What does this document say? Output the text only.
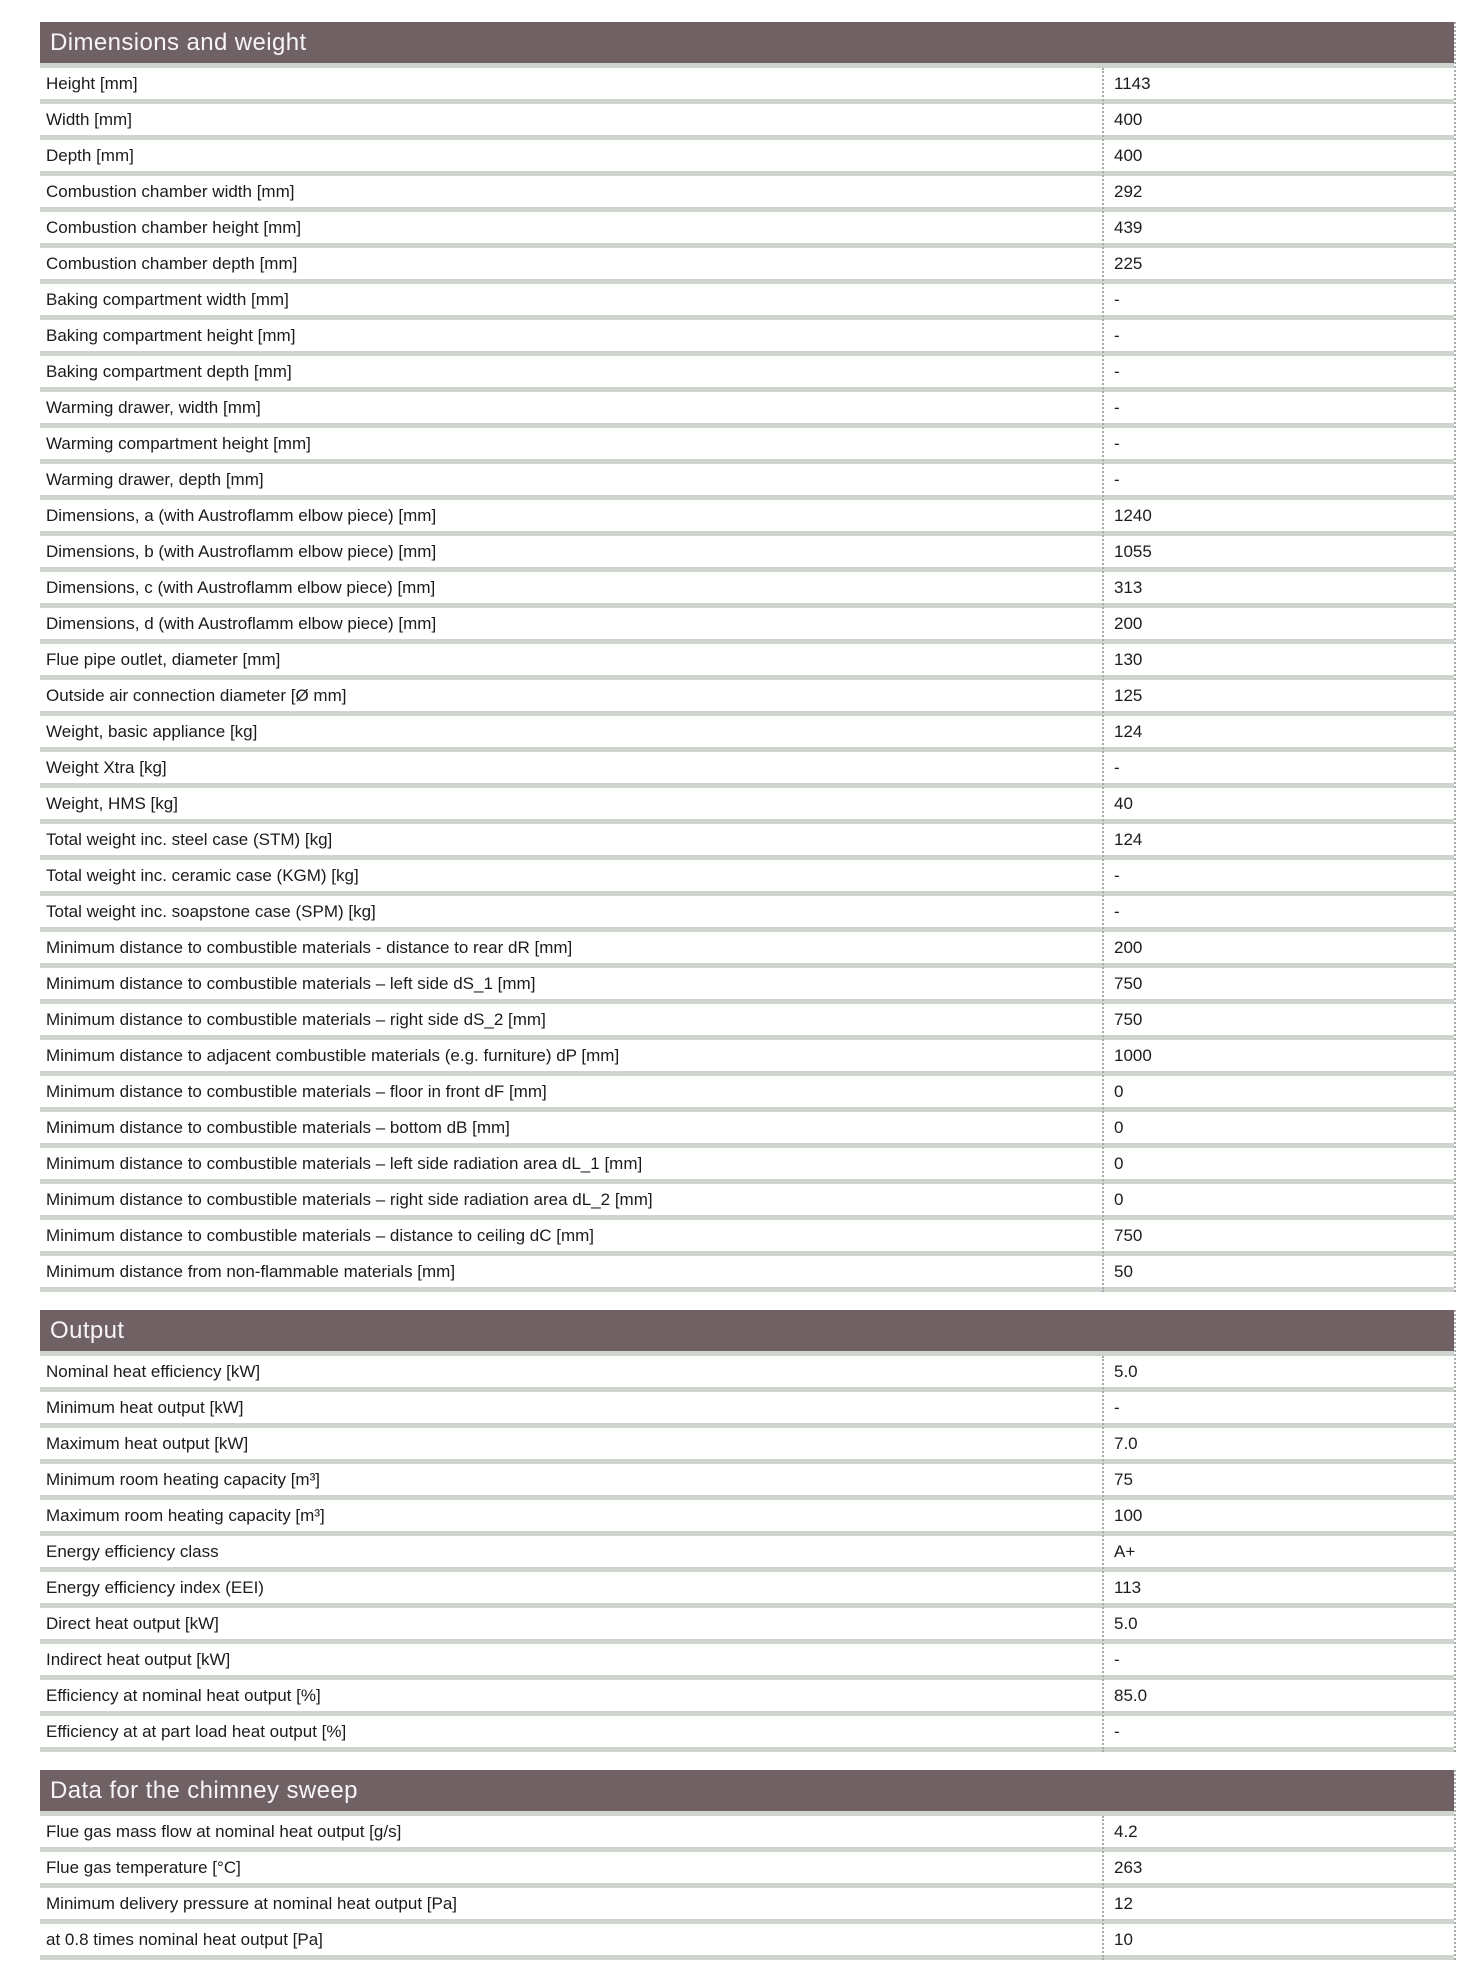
Dimensions and weight
Height [mm]	1143
Width [mm]	400
Depth [mm]	400
Combustion chamber width [mm]	292
Combustion chamber height [mm]	439
Combustion chamber depth [mm]	225
Baking compartment width [mm]	-
Baking compartment height [mm]	-
Baking compartment depth [mm]	-
Warming drawer, width [mm]	-
Warming compartment height [mm]	-
Warming drawer, depth [mm]	-
Dimensions, a (with Austroflamm elbow piece) [mm]	1240
Dimensions, b (with Austroflamm elbow piece) [mm]	1055
Dimensions, c (with Austroflamm elbow piece) [mm]	313
Dimensions, d (with Austroflamm elbow piece) [mm]	200
Flue pipe outlet, diameter [mm]	130
Outside air connection diameter [Ø mm]	125
Weight, basic appliance [kg]	124
Weight Xtra [kg]	-
Weight, HMS [kg]	40
Total weight inc. steel case (STM) [kg]	124
Total weight inc. ceramic case (KGM) [kg]	-
Total weight inc. soapstone case (SPM) [kg]	-
Minimum distance to combustible materials - distance to rear dR [mm]	200
Minimum distance to combustible materials – left side dS_1 [mm]	750
Minimum distance to combustible materials – right side dS_2 [mm]	750
Minimum distance to adjacent combustible materials (e.g. furniture) dP [mm]	1000
Minimum distance to combustible materials – floor in front dF [mm]	0
Minimum distance to combustible materials – bottom dB [mm]	0
Minimum distance to combustible materials – left side radiation area dL_1 [mm]	0
Minimum distance to combustible materials – right side radiation area dL_2 [mm]	0
Minimum distance to combustible materials – distance to ceiling dC [mm]	750
Minimum distance from non-flammable materials [mm]	50
Output
Nominal heat efficiency [kW]	5.0
Minimum heat output [kW]	-
Maximum heat output [kW]	7.0
Minimum room heating capacity [m³]	75
Maximum room heating capacity [m³]	100
Energy efficiency class	A+
Energy efficiency index (EEI)	113
Direct heat output [kW]	5.0
Indirect heat output [kW]	-
Efficiency at nominal heat output [%]	85.0
Efficiency at at part load heat output [%]	-
Data for the chimney sweep
Flue gas mass flow at nominal heat output [g/s]	4.2
Flue gas temperature [°C]	263
Minimum delivery pressure at nominal heat output [Pa]	12
at 0.8 times nominal heat output [Pa]	10
